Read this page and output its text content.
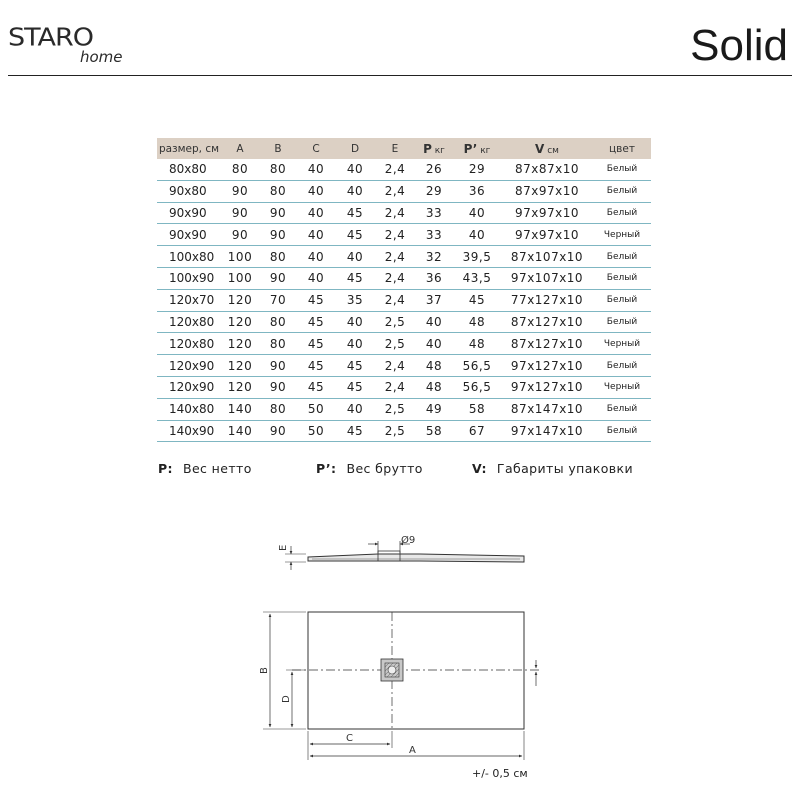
STARO
home	Solid
размер, см	A	B	C	D	E	P кг	P’ кг	V см	цвет
80x80	80	80	40	40	2,4	26	29	87x87x10	Белый
90x80	90	80	40	40	2,4	29	36	87x97x10	Белый
90x90	90	90	40	45	2,4	33	40	97x97x10	Белый
90x90	90	90	40	45	2,4	33	40	97x97x10	Черный
100x80	100	80	40	40	2,4	32	39,5	87x107x10	Белый
100x90	100	90	40	45	2,4	36	43,5	97x107x10	Белый
120x70	120	70	45	35	2,4	37	45	77x127x10	Белый
120x80	120	80	45	40	2,5	40	48	87x127x10	Белый
120x80	120	80	45	40	2,5	40	48	87x127x10	Черный
120x90	120	90	45	45	2,4	48	56,5	97x127x10	Белый
120x90	120	90	45	45	2,4	48	56,5	97x127x10	Черный
140x80	140	80	50	40	2,5	49	58	87x147x10	Белый
140x90	140	90	50	45	2,5	58	67	97x147x10	Белый
P: Вес нетто	P’: Вес брутто	V: Габариты упаковки
Ø9
E
B
D
C
A
+/- 0,5 см
